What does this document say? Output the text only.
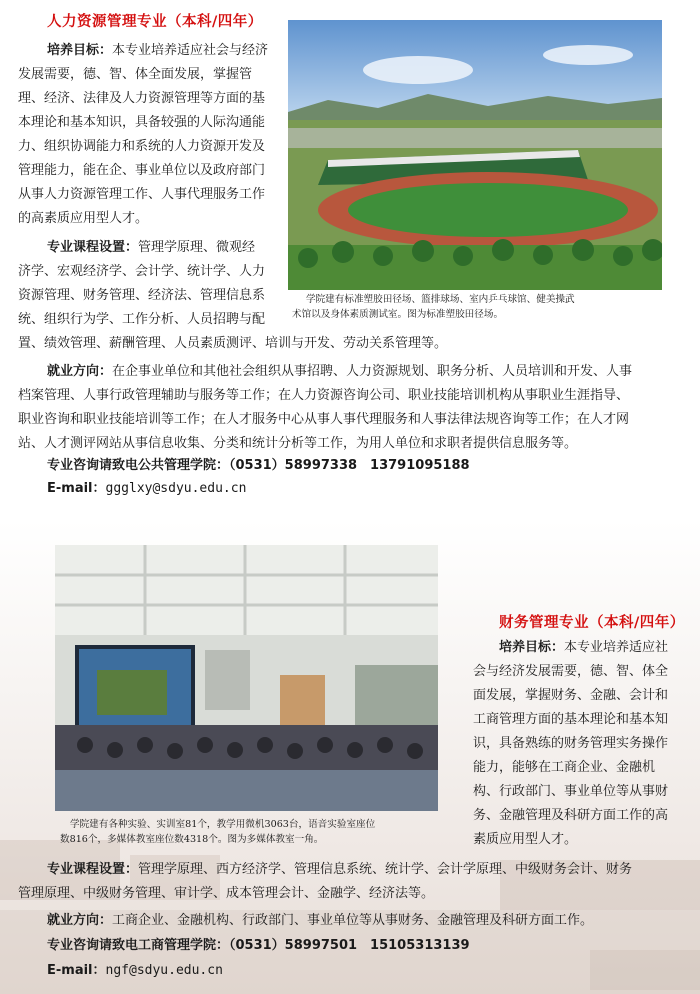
人力资源管理专业（本科/四年）
培养目标：本专业培养适应社会与经济
发展需要，德、智、体全面发展，掌握管
理、经济、法律及人力资源管理等方面的基
本理论和基本知识，具备较强的人际沟通能
力、组织协调能力和系统的人力资源开发及
管理能力，能在企、事业单位以及政府部门
从事人力资源管理工作、人事代理服务工作
的高素质应用型人才。
专业课程设置：管理学原理、微观经
济学、宏观经济学、会计学、统计学、人力
资源管理、财务管理、经济法、管理信息系
统、组织行为学、工作分析、人员招聘与配
置、绩效管理、薪酬管理、人员素质测评、培训与开发、劳动关系管理等。
就业方向：在企事业单位和其他社会组织从事招聘、人力资源规划、职务分析、人员培训和开发、人事
档案管理、人事行政管理辅助与服务等工作；在人力资源咨询公司、职业技能培训机构从事职业生涯指导、
职业咨询和职业技能培训等工作；在人才服务中心从事人事代理服务和人事法律法规咨询等工作；在人才网
站、人才测评网站从事信息收集、分类和统计分析等工作，为用人单位和求职者提供信息服务等。
专业咨询请致电公共管理学院：（0531）58997338　13791095188
E-mail：ggglxy@sdyu.edu.cn
学院建有标准塑胶田径场、篮排球场、室内乒乓球馆、健美操武
术馆以及身体素质测试室。图为标准塑胶田径场。
学院建有各种实验、实训室81个，教学用微机3063台，语音实验室座位
数816个，多媒体教室座位数4318个。图为多媒体教室一角。
财务管理专业（本科/四年）
培养目标：本专业培养适应社
会与经济发展需要，德、智、体全
面发展，掌握财务、金融、会计和
工商管理方面的基本理论和基本知
识，具备熟练的财务管理实务操作
能力，能够在工商企业、金融机
构、行政部门、事业单位等从事财
务、金融管理及科研方面工作的高
素质应用型人才。
专业课程设置：管理学原理、西方经济学、管理信息系统、统计学、会计学原理、中级财务会计、财务
管理原理、中级财务管理、审计学、成本管理会计、金融学、经济法等。
就业方向：工商企业、金融机构、行政部门、事业单位等从事财务、金融管理及科研方面工作。
专业咨询请致电工商管理学院：（0531）58997501　15105313139
E-mail：ngf@sdyu.edu.cn
